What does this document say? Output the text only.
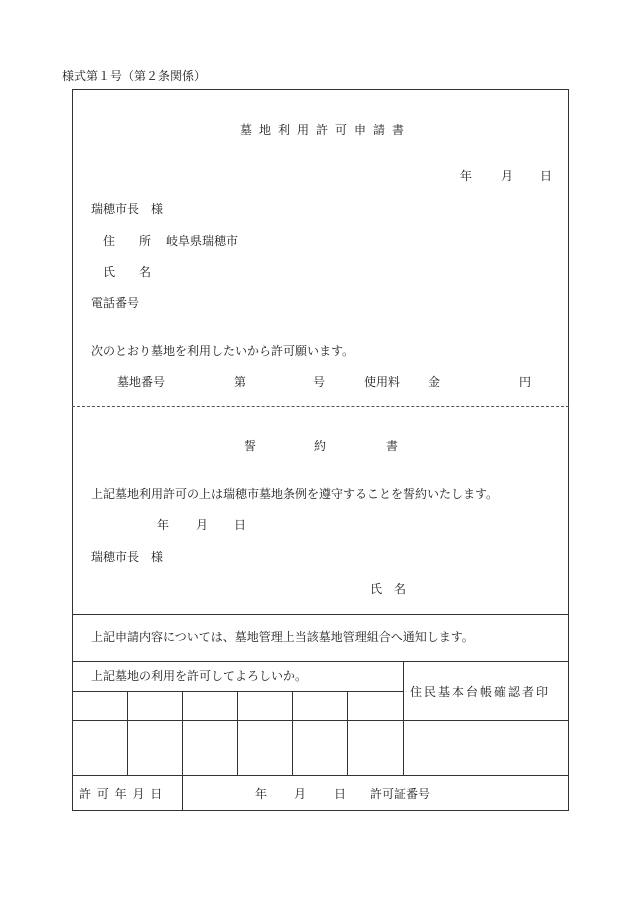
様式第１号（第２条関係）
墓地利用許可申請書
年 月 日
瑞穂市長　様
住　　所 岐阜県瑞穂市
氏　　名
電話番号
次のとおり墓地を利用したいから許可願います。
墓地番号	第	号	使用料 金	円
誓	約	書
上記墓地利用許可の上は瑞穂市墓地条例を遵守することを誓約いたします。
年 月 日
瑞穂市長　様
氏　名
上記申請内容については、墓地管理上当該墓地管理組合へ通知します。
上記墓地の利用を許可してよろしいか。
住民基本台帳確認者印
許 可 年 月 日	年 月 日 許可証番号
